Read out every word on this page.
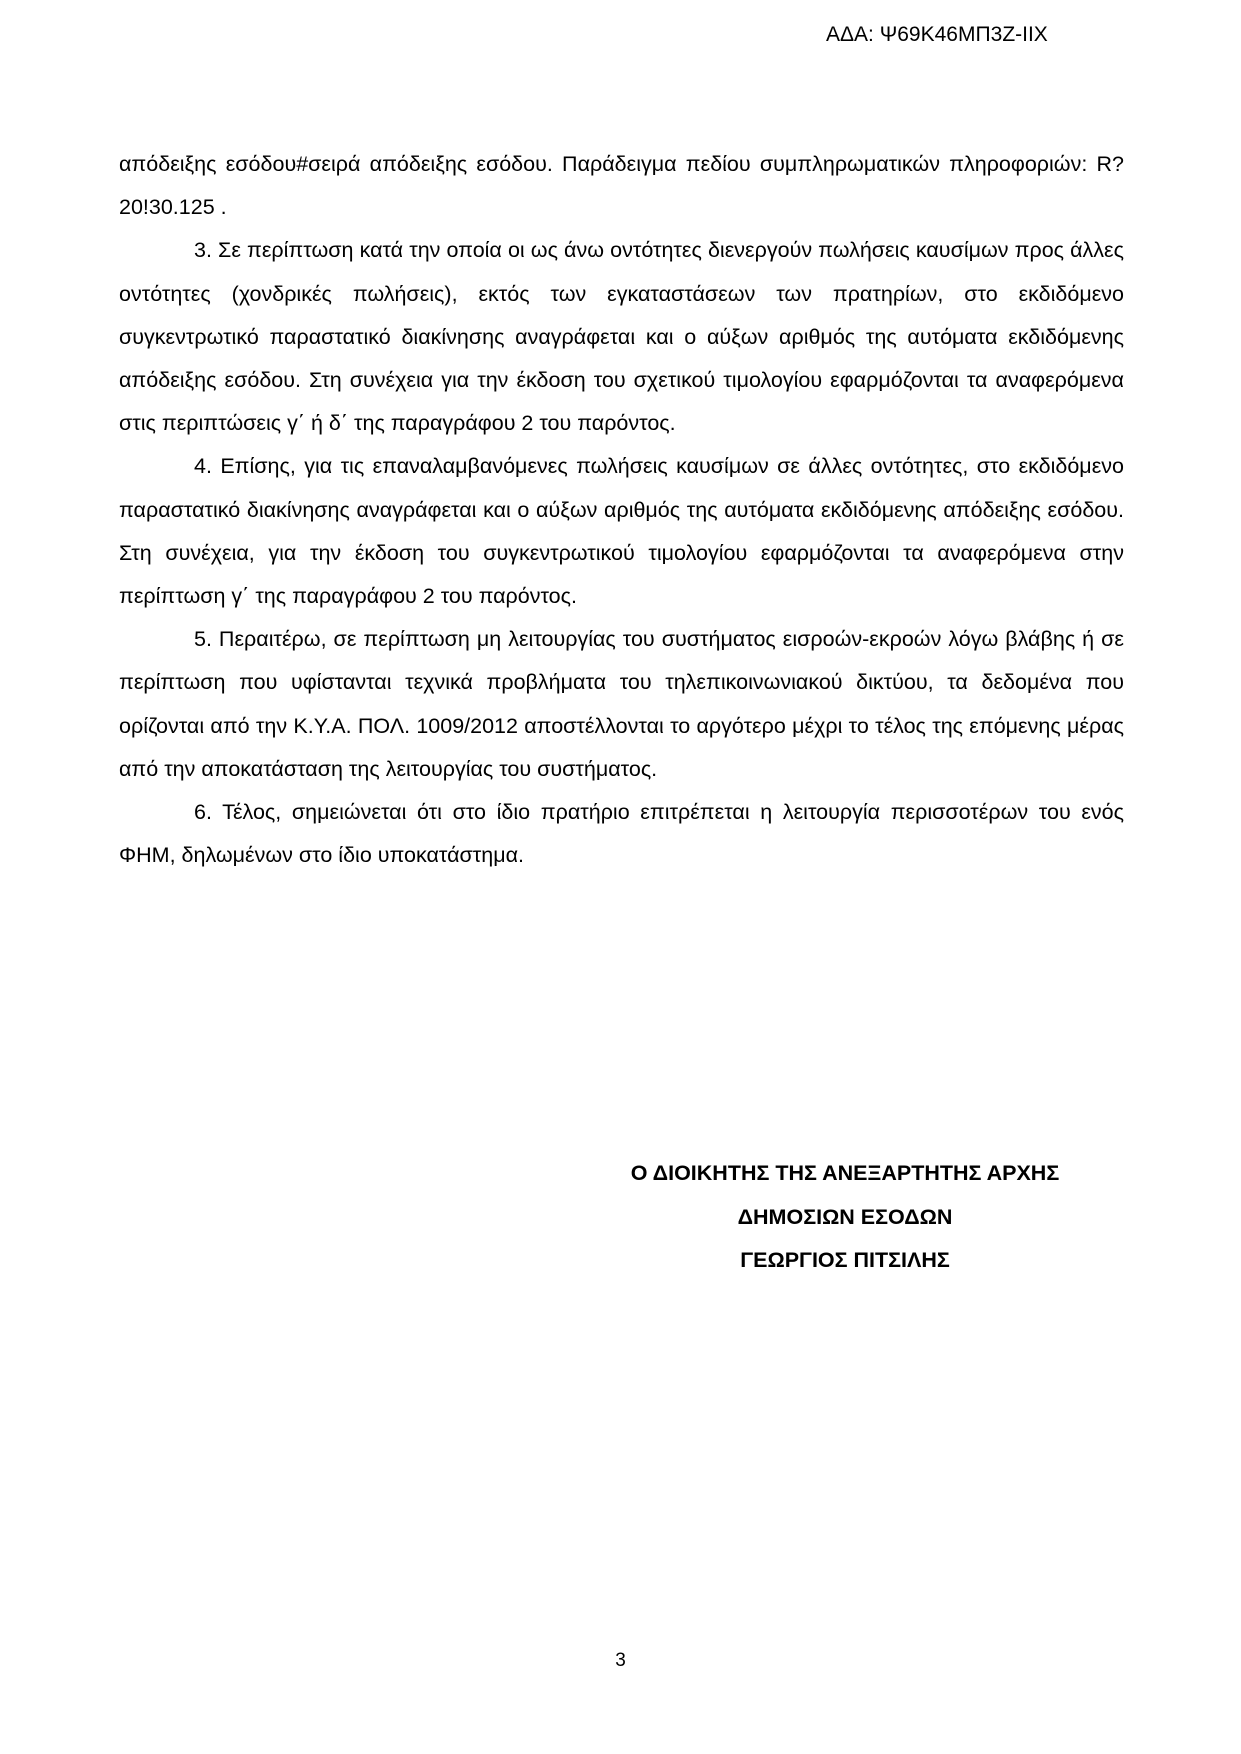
ΑΔΑ: Ψ69Κ46ΜΠ3Ζ-ΙΙΧ

απόδειξης εσόδου#σειρά απόδειξης εσόδου. Παράδειγμα πεδίου συμπληρωματικών πληροφοριών: R?20!30.125 .

3. Σε περίπτωση κατά την οποία οι ως άνω οντότητες διενεργούν πωλήσεις καυσίμων προς άλλες οντότητες (χονδρικές πωλήσεις), εκτός των εγκαταστάσεων των πρατηρίων, στο εκδιδόμενο συγκεντρωτικό παραστατικό διακίνησης αναγράφεται και ο αύξων αριθμός της αυτόματα εκδιδόμενης απόδειξης εσόδου. Στη συνέχεια για την έκδοση του σχετικού τιμολογίου εφαρμόζονται τα αναφερόμενα στις περιπτώσεις γ΄ ή δ΄ της παραγράφου 2 του παρόντος.

4. Επίσης, για τις επαναλαμβανόμενες πωλήσεις καυσίμων σε άλλες οντότητες, στο εκδιδόμενο παραστατικό διακίνησης αναγράφεται και ο αύξων αριθμός της αυτόματα εκδιδόμενης απόδειξης εσόδου. Στη συνέχεια, για την έκδοση του συγκεντρωτικού τιμολογίου εφαρμόζονται τα αναφερόμενα στην περίπτωση γ΄ της παραγράφου 2 του παρόντος.

5. Περαιτέρω, σε περίπτωση μη λειτουργίας του συστήματος εισροών-εκροών λόγω βλάβης ή σε περίπτωση που υφίστανται τεχνικά προβλήματα του τηλεπικοινωνιακού δικτύου, τα δεδομένα που ορίζονται από την Κ.Υ.Α. ΠΟΛ. 1009/2012 αποστέλλονται το αργότερο μέχρι το τέλος της επόμενης μέρας από την αποκατάσταση της λειτουργίας του συστήματος.

6. Τέλος, σημειώνεται ότι στο ίδιο πρατήριο επιτρέπεται η λειτουργία περισσοτέρων του ενός ΦΗΜ, δηλωμένων στο ίδιο υποκατάστημα.

Ο ΔΙΟΙΚΗΤΗΣ ΤΗΣ ΑΝΕΞΑΡΤΗΤΗΣ ΑΡΧΗΣ
ΔΗΜΟΣΙΩΝ ΕΣΟΔΩΝ
ΓΕΩΡΓΙΟΣ ΠΙΤΣΙΛΗΣ
3
